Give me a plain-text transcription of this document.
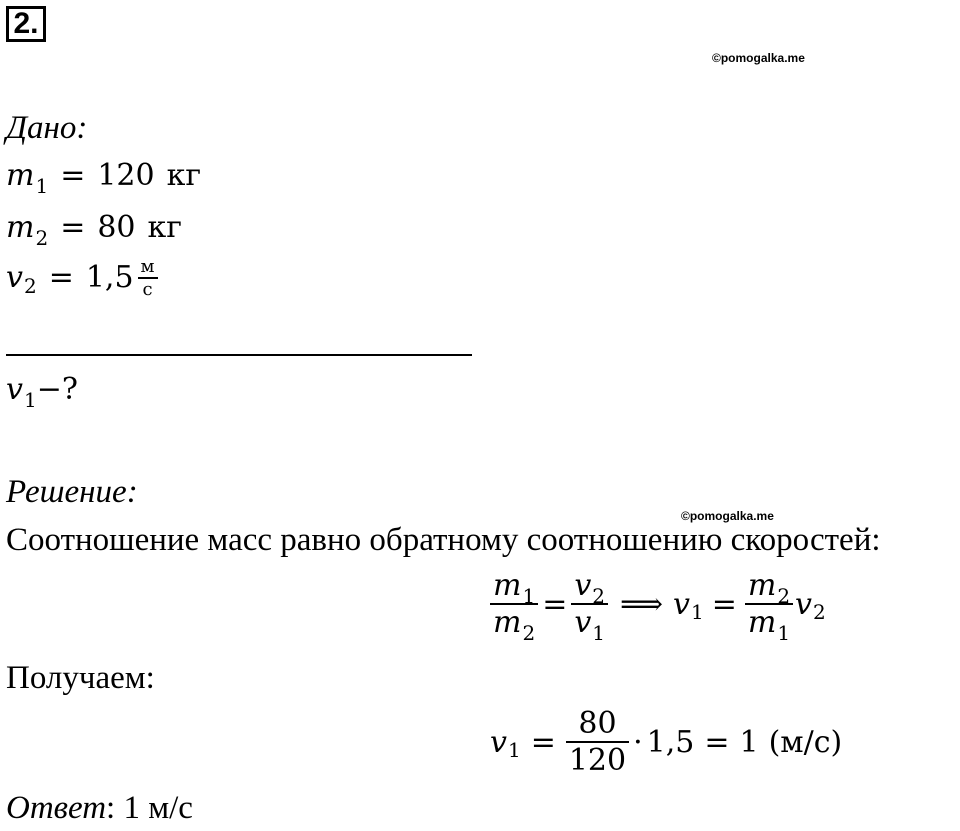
2.
©pomogalka.me
©pomogalka.me
Дано:
m 1 = 120 кг
m 2 = 80 кг
v $2 = 1,5 \frac{м}{с}$
v 1 −?
Решение:
Соотношение масс равно обратному соотношению скоростей:
$\frac{m 1}{m 2} = \frac{v 2}{v 1}$ ⟹ v $1 = \frac{m 2}{m 1}$ v 2
Получаем:
v $1 = \frac{80}{120} \cdot 1,5 = 1$ (м/с)
Ответ: 1 м/с
